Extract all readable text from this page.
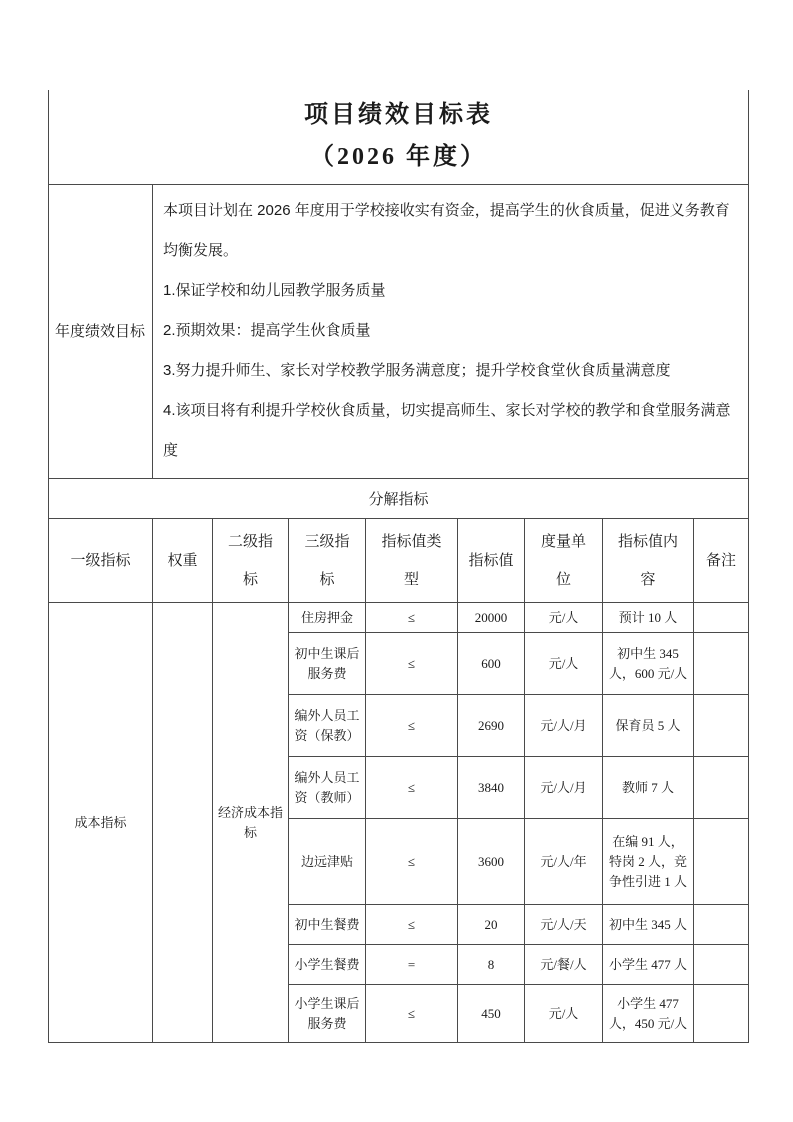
项目绩效目标表
（2026 年度）								

年度绩效目标	本项目计划在 2026 年度用于学校接收实有资金，提高学生的伙食质量，促进义务教育均衡发展。

1.保证学校和幼儿园教学服务质量

2.预期效果：提高学生伙食质量

3.努力提升师生、家长对学校教学服务满意度；提升学校食堂伙食质量满意度

4.该项目将有利提升学校伙食质量，切实提高师生、家长对学校的教学和食堂服务满意度							

分解指标								
一级指标	权重	二级指标	三级指标	指标值类型	指标值	度量单位	指标值内容	备注
成本指标		经济成本指标	住房押金	≤	20000	元/人	预计 10 人	
			初中生课后服务费	≤	600	元/人	初中生 345 人，600 元/人	
			编外人员工资（保教）	≤	2690	元/人/月	保育员 5 人	
			编外人员工资（教师）	≤	3840	元/人/月	教师 7 人	
			边远津贴	≤	3600	元/人/年	在编 91 人，特岗 2 人，竞争性引进 1 人	
			初中生餐费	≤	20	元/人/天	初中生 345 人	
			小学生餐费	=	8	元/餐/人	小学生 477 人	
			小学生课后服务费	≤	450	元/人	小学生 477 人，450 元/人	
